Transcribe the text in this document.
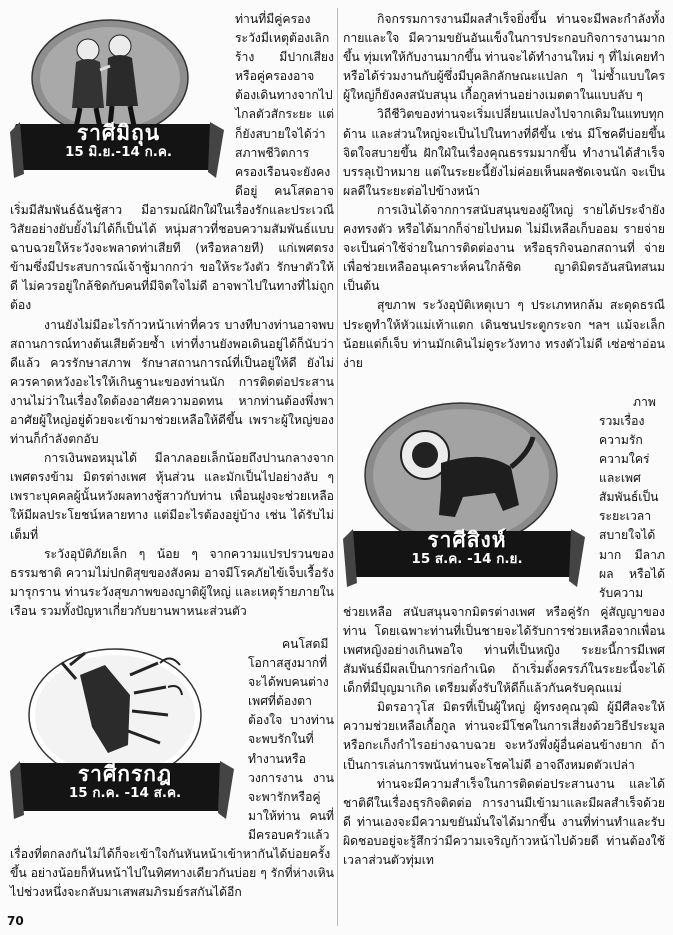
ราศีมิถุน
15 มิ.ย.-14 ก.ค.

ท่านที่มีคู่ครอง ระวังมีเหตุต้องเลิกร้าง มีปากเสียง หรือคู่ครองอาจต้องเดินทางจากไปไกลตัวสักระยะ แต่ก็ยังสบายใจได้ว่าสภาพชีวิตการครองเรือนจะยังคงดีอยู่ คนโสดอาจเริ่มมีสัมพันธ์ฉันชู้สาว มีอารมณ์ฝักใฝ่ในเรื่องรักและประเวณีวิสัยอย่างยับยั้งไม่ได้ก็เป็นได้ หนุ่มสาวที่ชอบความสัมพันธ์แบบฉาบฉวยให้ระวังจะพลาดท่าเสียที (หรือหลายที) แก่เพศตรงข้ามซึ่งมีประสบการณ์เจ้าชู้มากกว่า ขอให้ระวังตัว รักษาตัวให้ดี ไม่ควรอยู่ใกล้ชิดกับคนที่มีจิตใจไม่ดี อาจพาไปในทางที่ไม่ถูกต้อง

งานยังไม่มีอะไรก้าวหน้าเท่าที่ควร บางทีบางท่านอาจพบสถานการณ์ทางต้นเสียด้วยซ้ำ เท่าที่งานยังพอเดินอยู่ได้ก็นับว่าดีแล้ว ควรรักษาสภาพ รักษาสถานการณ์ที่เป็นอยู่ให้ดี ยังไม่ควรคาดหวังอะไรให้เกินฐานะของท่านนัก การติดต่อประสานงานไม่ว่าในเรื่องใดต้องอาศัยความอดทน หากท่านต้องพึ่งพาอาศัยผู้ใหญ่อยู่ด้วยจะเข้ามาช่วยเหลือให้ดีขึ้น เพราะผู้ใหญ่ของท่านก็กำลังตกอับ

การเงินพอหมุนได้ มีลาภลอยเล็กน้อยถึงปานกลางจากเพศตรงข้าม มิตรต่างเพศ หุ้นส่วน และมักเป็นไปอย่างลับ ๆ เพราะบุคคลผู้นั้นหวังผลทางชู้สาวกับท่าน เพื่อนฝูงจะช่วยเหลือให้มีผลประโยชน์หลายทาง แต่มีอะไรต้องอยู่บ้าง เช่น ได้รับไม่เต็มที่

ระวังอุบัติภัยเล็ก ๆ น้อย ๆ จากความแปรปรวนของธรรมชาติ ความไม่ปกติสุขของสังคม อาจมีโรคภัยไข้เจ็บเรื้อรังมารุกราน ท่านระวังสุขภาพของญาติผู้ใหญ่ และเหตุร้ายภายในเรือน รวมทั้งปัญหาเกี่ยวกับยานพาหนะส่วนตัว

ราศีกรกฎ
15 ก.ค. -14 ส.ค.

คนโสดมีโอกาสสูงมากที่จะได้พบคนต่างเพศที่ต้องตาต้องใจ บางท่านจะพบรักในที่ทำงานหรือวงการงาน งานจะพารักหรือคู่มาให้ท่าน คนที่มีครอบครัวแล้ว เรื่องที่ตกลงกันไม่ได้ก็จะเข้าใจกันหันหน้าเข้าหากันได้บ่อยครั้งขึ้น อย่างน้อยก็หันหน้าไปในทิศทางเดียวกันบ่อย ๆ รักที่ห่างเหินไปช่วงหนึ่งจะกลับมาเสพสมภิรมย์รสกันได้อีก

กิจกรรมการงานมีผลสำเร็จยิ่งขึ้น ท่านจะมีพละกำลังทั้งกายและใจ มีความขยันอันแข็งในการประกอบกิจการงานมากขึ้น ทุ่มเทให้กับงานมากขึ้น ท่านจะได้ทำงานใหม่ ๆ ที่ไม่เคยทำ หรือได้ร่วมงานกับผู้ซึ่งมีบุคลิกลักษณะแปลก ๆ ไม่ซ้ำแบบใคร ผู้ใหญ่ก็ยังคงสนับสนุน เกื้อกูลท่านอย่างเมตตาในแบบลับ ๆ

วิถีชีวิตของท่านจะเริ่มเปลี่ยนแปลงไปจากเดิมในแทบทุกด้าน และส่วนใหญ่จะเป็นไปในทางที่ดีขึ้น เช่น มีโชคดีบ่อยขึ้น จิตใจสบายขึ้น ฝักใฝ่ในเรื่องคุณธรรมมากขึ้น ทำงานได้สำเร็จ บรรลุเป้าหมาย แต่ในระยะนี้ยังไม่ค่อยเห็นผลชัดเจนนัก จะเป็นผลดีในระยะต่อไปข้างหน้า

การเงินได้จากการสนับสนุนของผู้ใหญ่ รายได้ประจำยังคงทรงตัว หรือได้มากก็จ่ายไปหมด ไม่มีเหลือเก็บออม รายจ่ายจะเป็นค่าใช้จ่ายในการติดต่องาน หรือธุรกิจนอกสถานที่ จ่ายเพื่อช่วยเหลืออนุเคราะห์คนใกล้ชิด ญาติมิตรอันสนิทสนม เป็นต้น

สุขภาพ ระวังอุบัติเหตุเบา ๆ ประเภทหกล้ม สะดุดธรณีประตูทำให้หัวแม่เท้าแตก เดินชนประตูกระจก ฯลฯ แม้จะเล็กน้อยแต่ก็เจ็บ ท่านมักเดินไม่ดูระวังทาง ทรงตัวไม่ดี เซ่อซ่าอ่อนง่าย

ราศีสิงห์
15 ส.ค. -14 ก.ย.

ภาพรวมเรื่องความรัก ความใคร่ และเพศสัมพันธ์เป็นระยะเวลาสบายใจได้มาก มีลาภผล หรือได้รับความช่วยเหลือ สนับสนุนจากมิตรต่างเพศ หรือคู่รัก คู่สัญญาของท่าน โดยเฉพาะท่านที่เป็นชายจะได้รับการช่วยเหลือจากเพื่อนเพศหญิงอย่างเกินพอใจ ท่านที่เป็นหญิง ระยะนี้การมีเพศสัมพันธ์มีผลเป็นการก่อกำเนิด ถ้าเริ่มตั้งครรภ์ในระยะนี้จะได้เด็กที่มีบุญมาเกิด เตรียมตั้งรับให้ดีก็แล้วกันครับคุณแม่

มิตรอาวุโส มิตรที่เป็นผู้ใหญ่ ผู้ทรงคุณวุฒิ ผู้มีศีลจะให้ความช่วยเหลือเกื้อกูล ท่านจะมีโชคในการเสี่ยงด้วยวิธีประมูล หรือกะเก็งกำไรอย่างฉาบฉวย จะหวังพึ่งผู้อื่นค่อนข้างยาก ถ้าเป็นการเล่นการพนันท่านจะโชคไม่ดี อาจถึงหมดตัวเปล่า

ท่านจะมีความสำเร็จในการติดต่อประสานงาน และได้ชาติดีในเรื่องธุรกิจติดต่อ การงานมีเข้ามาและมีผลสำเร็จด้วยดี ท่านเองจะมีความขยันมั่นใจได้มากขึ้น งานที่ท่านทำและรับผิดชอบอยู่จะรู้สึกว่ามีความเจริญก้าวหน้าไปด้วยดี ท่านต้องใช้เวลาส่วนตัวทุ่มเท

70
